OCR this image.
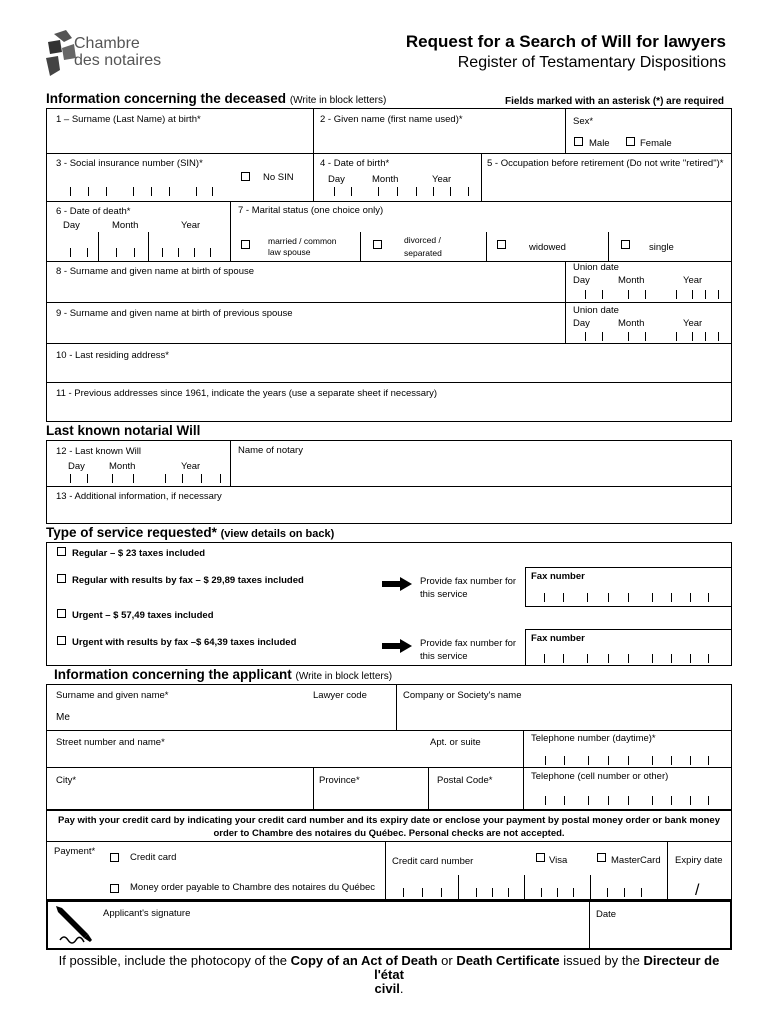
Chambre
des notaires
Request for a Search of Will for lawyers
Register of Testamentary Dispositions
Information concerning the deceased (Write in block letters)	Fields marked with an asterisk (*) are required
1 – Surname (Last Name) at birth*	2 - Given name (first name used)*	Sex*
Male	Female
3 - Social insurance number (SIN)*
No SIN
4 - Date of birth*
Day	Month	Year
5 - Occupation before retirement (Do not write "retired")*
6 - Date of death*
Day	Month	Year
7 - Marital status (one choice only)
married / common
law spouse
divorced /
separated	widowed	single
8 - Surname and given name at birth of spouse	Union date
Day	Month	Year
9 - Surname and given name at birth of previous spouse	Union date
Day	Month	Year
10 - Last residing address*
11 - Previous addresses since 1961, indicate the years (use a separate sheet if necessary)
Last known notarial Will
12 - Last known Will
Day	Month	Year
Name of notary
13 - Additional information, if necessary
Type of service requested* (view details on back)
Regular – $ 23 taxes included
Regular with results by fax – $ 29,89 taxes included	Provide fax number for
this service
Fax number
Urgent – $ 57,49 taxes included
Urgent with results by fax –$ 64,39 taxes included	Provide fax number for
this service
Fax number
Information concerning the applicant (Write in block letters)
Surname and given name*
Me
Lawyer code	Company or Society's name
Street number and name*	Apt. or suite	Telephone number (daytime)*
City*	Province*	Postal Code*	Telephone (cell number or other)
Pay with your credit card by indicating your credit card number and its expiry date or enclose your payment by postal money order or bank money
order to Chambre des notaires du Québec. Personal checks are not accepted.
Payment*
Credit card
Money order payable to Chambre des notaires du Québec
Credit card number	Visa	MasterCard Expiry date
/
Applicant's signature	Date
If possible, include the photocopy of the Copy of an Act of Death or Death Certificate issued by the Directeur de l'état
civil.
